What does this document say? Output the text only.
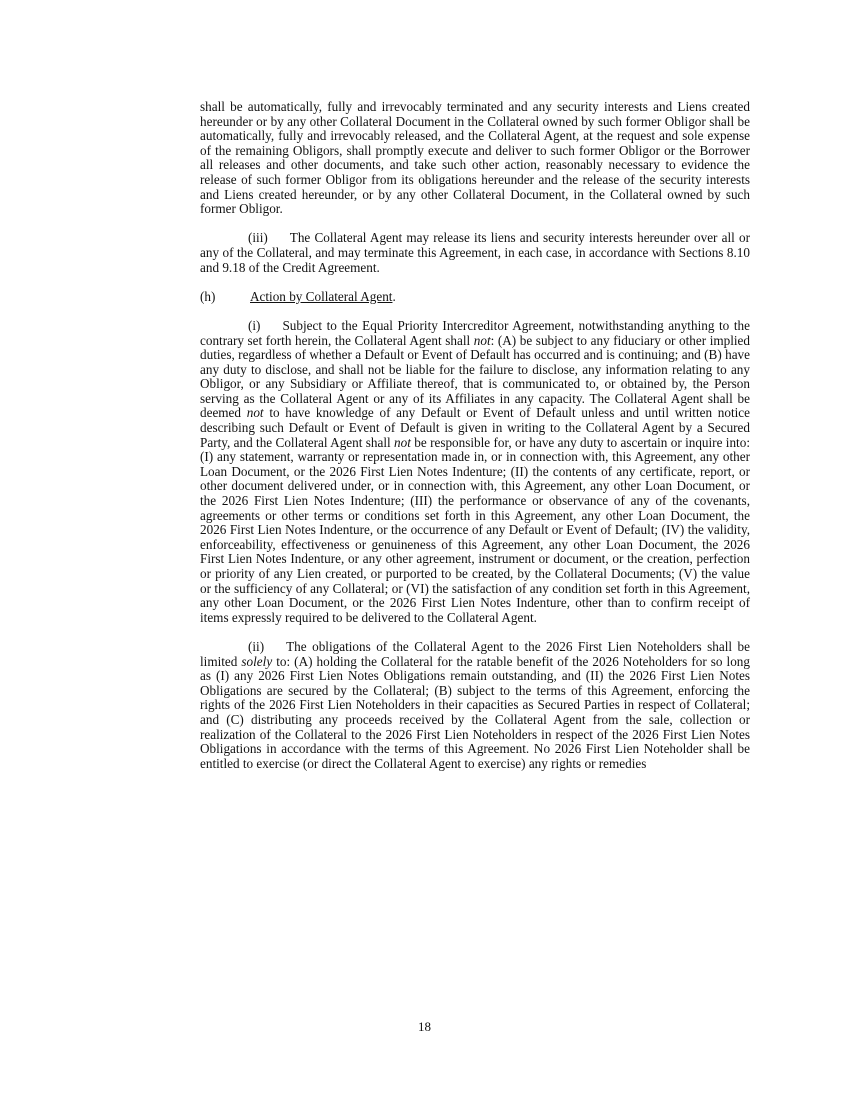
shall be automatically, fully and irrevocably terminated and any security interests and Liens created hereunder or by any other Collateral Document in the Collateral owned by such former Obligor shall be automatically, fully and irrevocably released, and the Collateral Agent, at the request and sole expense of the remaining Obligors, shall promptly execute and deliver to such former Obligor or the Borrower all releases and other documents, and take such other action, reasonably necessary to evidence the release of such former Obligor from its obligations hereunder and the release of the security interests and Liens created hereunder, or by any other Collateral Document, in the Collateral owned by such former Obligor.

(iii) The Collateral Agent may release its liens and security interests hereunder over all or any of the Collateral, and may terminate this Agreement, in each case, in accordance with Sections 8.10 and 9.18 of the Credit Agreement.

(h)	Action by Collateral Agent.

(i) Subject to the Equal Priority Intercreditor Agreement, notwithstanding anything to the contrary set forth herein, the Collateral Agent shall not: (A) be subject to any fiduciary or other implied duties, regardless of whether a Default or Event of Default has occurred and is continuing; and (B) have any duty to disclose, and shall not be liable for the failure to disclose, any information relating to any Obligor, or any Subsidiary or Affiliate thereof, that is communicated to, or obtained by, the Person serving as the Collateral Agent or any of its Affiliates in any capacity. The Collateral Agent shall be deemed not to have knowledge of any Default or Event of Default unless and until written notice describing such Default or Event of Default is given in writing to the Collateral Agent by a Secured Party, and the Collateral Agent shall not be responsible for, or have any duty to ascertain or inquire into: (I) any statement, warranty or representation made in, or in connection with, this Agreement, any other Loan Document, or the 2026 First Lien Notes Indenture; (II) the contents of any certificate, report, or other document delivered under, or in connection with, this Agreement, any other Loan Document, or the 2026 First Lien Notes Indenture; (III) the performance or observance of any of the covenants, agreements or other terms or conditions set forth in this Agreement, any other Loan Document, the 2026 First Lien Notes Indenture, or the occurrence of any Default or Event of Default; (IV) the validity, enforceability, effectiveness or genuineness of this Agreement, any other Loan Document, the 2026 First Lien Notes Indenture, or any other agreement, instrument or document, or the creation, perfection or priority of any Lien created, or purported to be created, by the Collateral Documents; (V) the value or the sufficiency of any Collateral; or (VI) the satisfaction of any condition set forth in this Agreement, any other Loan Document, or the 2026 First Lien Notes Indenture, other than to confirm receipt of items expressly required to be delivered to the Collateral Agent.

(ii) The obligations of the Collateral Agent to the 2026 First Lien Noteholders shall be limited solely to: (A) holding the Collateral for the ratable benefit of the 2026 Noteholders for so long as (I) any 2026 First Lien Notes Obligations remain outstanding, and (II) the 2026 First Lien Notes Obligations are secured by the Collateral; (B) subject to the terms of this Agreement, enforcing the rights of the 2026 First Lien Noteholders in their capacities as Secured Parties in respect of Collateral; and (C) distributing any proceeds received by the Collateral Agent from the sale, collection or realization of the Collateral to the 2026 First Lien Noteholders in respect of the 2026 First Lien Notes Obligations in accordance with the terms of this Agreement. No 2026 First Lien Noteholder shall be entitled to exercise (or direct the Collateral Agent to exercise) any rights or remedies

18
